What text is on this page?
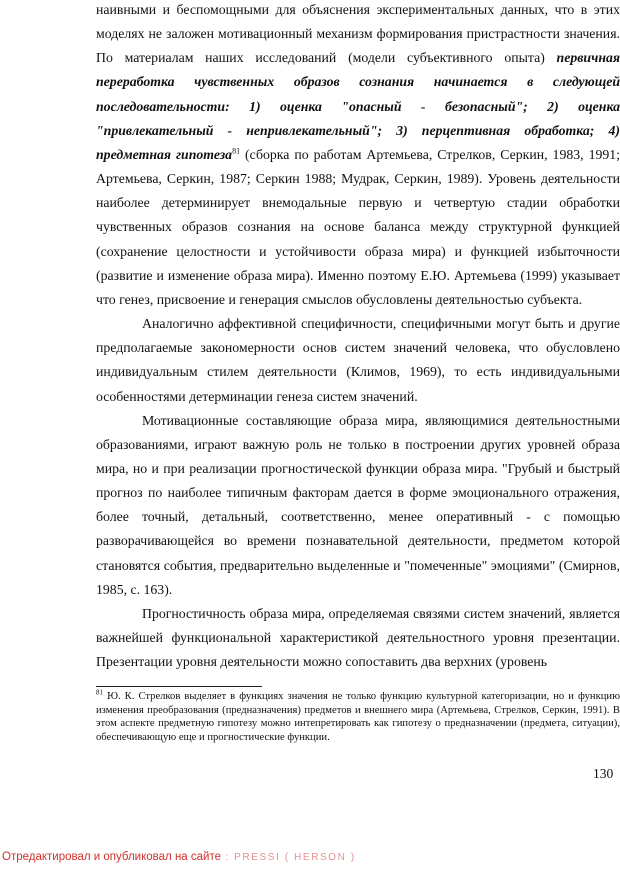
наивными и беспомощными для объяснения экспериментальных данных, что в этих моделях не заложен мотивационный механизм формирования пристрастности значения. По материалам наших исследований (модели субъективного опыта) первичная переработка чувственных образов сознания начинается в следующей последовательности: 1) оценка "опасный - безопасный"; 2) оценка "привлекательный - непривлекательный"; 3) перцептивная обработка; 4) предметная гипотеза$^{81}$ (сборка по работам Артемьева, Стрелков, Серкин, 1983, 1991; Артемьева, Серкин, 1987; Серкин 1988; Мудрак, Серкин, 1989). Уровень деятельности наиболее детерминирует внемодальные первую и четвертую стадии обработки чувственных образов сознания на основе баланса между структурной функцией (сохранение целостности и устойчивости образа мира) и функцией избыточности (развитие и изменение образа мира). Именно поэтому Е.Ю. Артемьева (1999) указывает что генез, присвоение и генерация смыслов обусловлены деятельностью субъекта.

Аналогично аффективной специфичности, специфичными могут быть и другие предполагаемые закономерности основ систем значений человека, что обусловлено индивидуальным стилем деятельности (Климов, 1969), то есть индивидуальными особенностями детерминации генеза систем значений.

Мотивационные составляющие образа мира, являющимися деятельностными образованиями, играют важную роль не только в построении других уровней образа мира, но и при реализации прогностической функции образа мира. "Грубый и быстрый прогноз по наиболее типичным факторам дается в форме эмоционального отражения, более точный, детальный, соответственно, менее оперативный - с помощью разворачивающейся во времени познавательной деятельности, предметом которой становятся события, предварительно выделенные и "помеченные" эмоциями" (Смирнов, 1985, с. 163).

Прогностичность образа мира, определяемая связями систем значений, является важнейшей функциональной характеристикой деятельностного уровня презентации. Презентации уровня деятельности можно сопоставить два верхних (уровень

$^{81}$ Ю. К. Стрелков выделяет в функциях значения не только функцию культурной категоризации, но и функцию изменения преобразования (предназначения) предметов и внешнего мира (Артемьева, Стрелков, Серкин, 1991). В этом аспекте предметную гипотезу можно интепретировать как гипотезу о предназначении (предмета, ситуации), обеспечивающую еще и прогностические функции.

130
Отредактировал и опубликовал на сайте : PRESSI ( HERSON )
